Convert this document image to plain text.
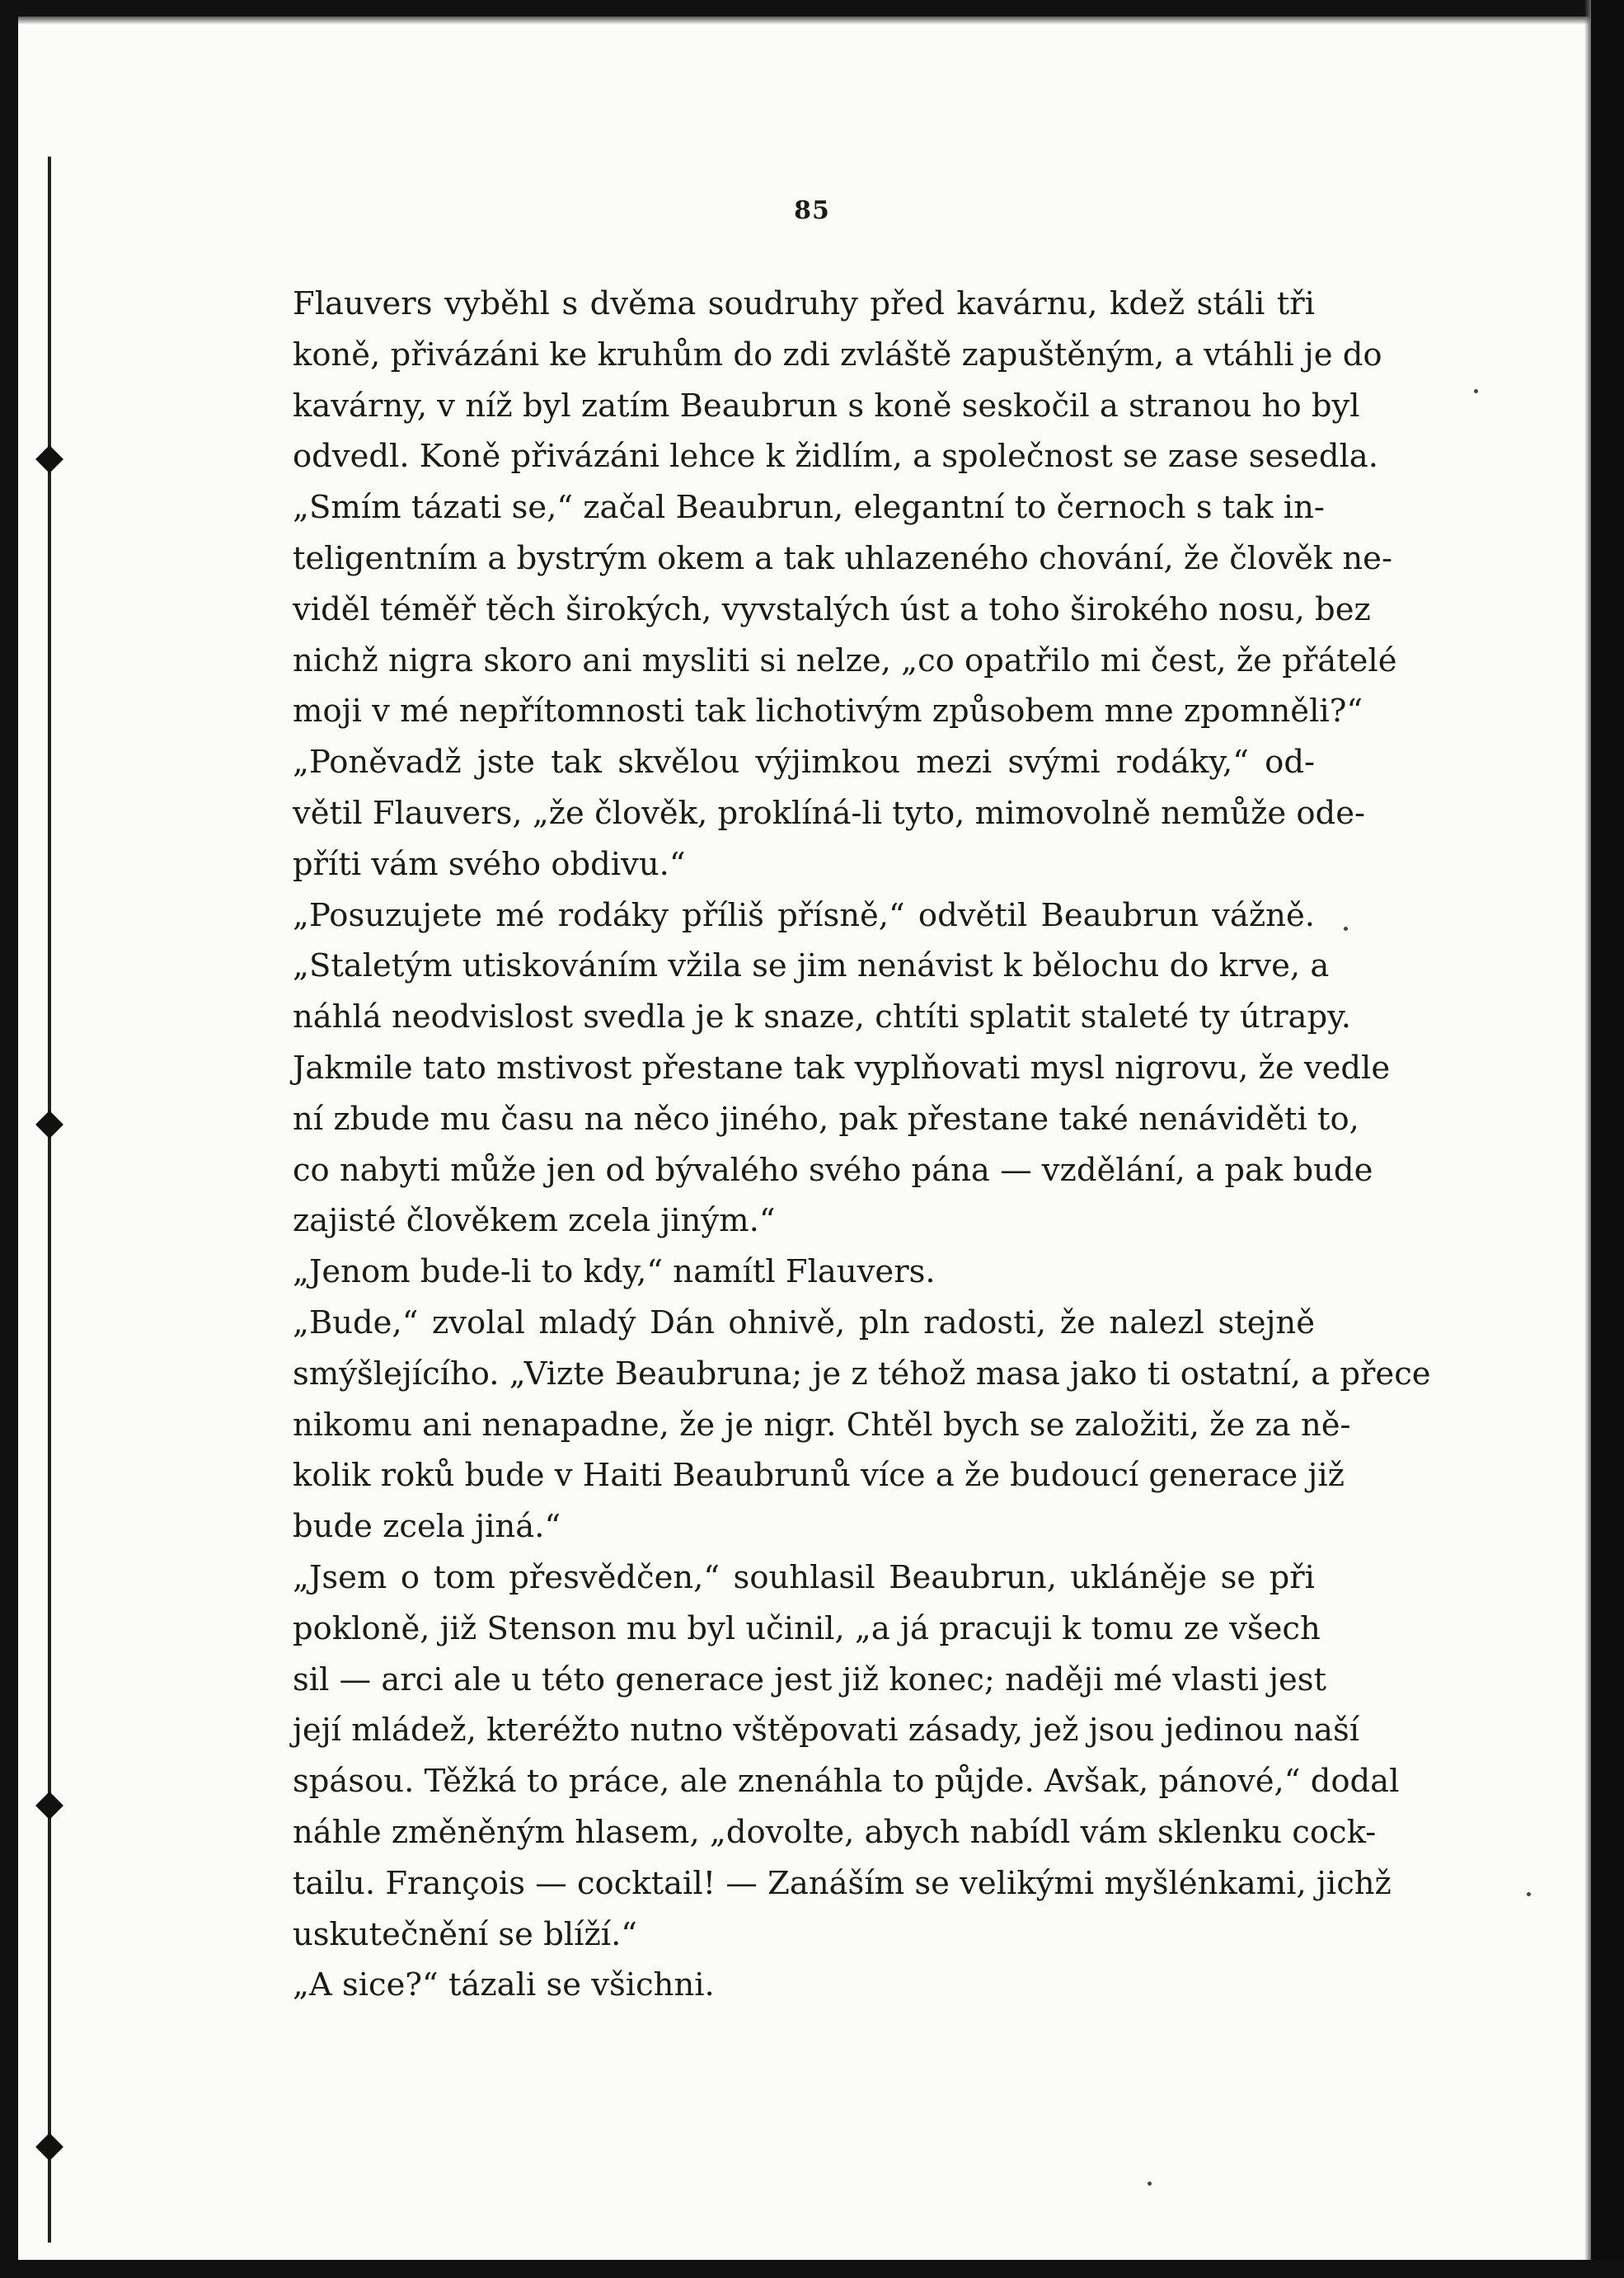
85
Flauvers vyběhl s dvěma soudruhy před kavárnu, kdež stáli tři
koně, přivázáni ke kruhům do zdi zvláště zapuštěným, a vtáhli je do
kavárny, v níž byl zatím Beaubrun s koně seskočil a stranou ho byl
odvedl. Koně přivázáni lehce k židlím, a společnost se zase sesedla.
„Smím tázati se,“ začal Beaubrun, elegantní to černoch s tak in-
teligentním a bystrým okem a tak uhlazeného chování, že člověk ne-
viděl téměř těch širokých, vyvstalých úst a toho širokého nosu, bez
nichž nigra skoro ani mysliti si nelze, „co opatřilo mi čest, že přátelé
moji v mé nepřítomnosti tak lichotivým způsobem mne zpomněli?“
„Poněvadž jste tak skvělou výjimkou mezi svými rodáky,“ od-
větil Flauvers, „že člověk, proklíná-li tyto, mimovolně nemůže ode-
příti vám svého obdivu.“
„Posuzujete mé rodáky příliš přísně,“ odvětil Beaubrun vážně.
„Staletým utiskováním vžila se jim nenávist k bělochu do krve, a
náhlá neodvislost svedla je k snaze, chtíti splatit staleté ty útrapy.
Jakmile tato mstivost přestane tak vyplňovati mysl nigrovu, že vedle
ní zbude mu času na něco jiného, pak přestane také nenáviděti to,
co nabyti může jen od bývalého svého pána — vzdělání, a pak bude
zajisté člověkem zcela jiným.“
„Jenom bude-li to kdy,“ namítl Flauvers.
„Bude,“ zvolal mladý Dán ohnivě, pln radosti, že nalezl stejně
smýšlejícího. „Vizte Beaubruna; je z téhož masa jako ti ostatní, a přece
nikomu ani nenapadne, že je nigr. Chtěl bych se založiti, že za ně-
kolik roků bude v Haiti Beaubrunů více a že budoucí generace již
bude zcela jiná.“
„Jsem o tom přesvědčen,“ souhlasil Beaubrun, ukláněje se při
pokloně, již Stenson mu byl učinil, „a já pracuji k tomu ze všech
sil — arci ale u této generace jest již konec; naději mé vlasti jest
její mládež, kteréžto nutno vštěpovati zásady, jež jsou jedinou naší
spásou. Těžká to práce, ale znenáhla to půjde. Avšak, pánové,“ dodal
náhle změněným hlasem, „dovolte, abych nabídl vám sklenku cock-
tailu. François — cocktail! — Zanáším se velikými myšlénkami, jichž
uskutečnění se blíží.“
„A sice?“ tázali se všichni.
